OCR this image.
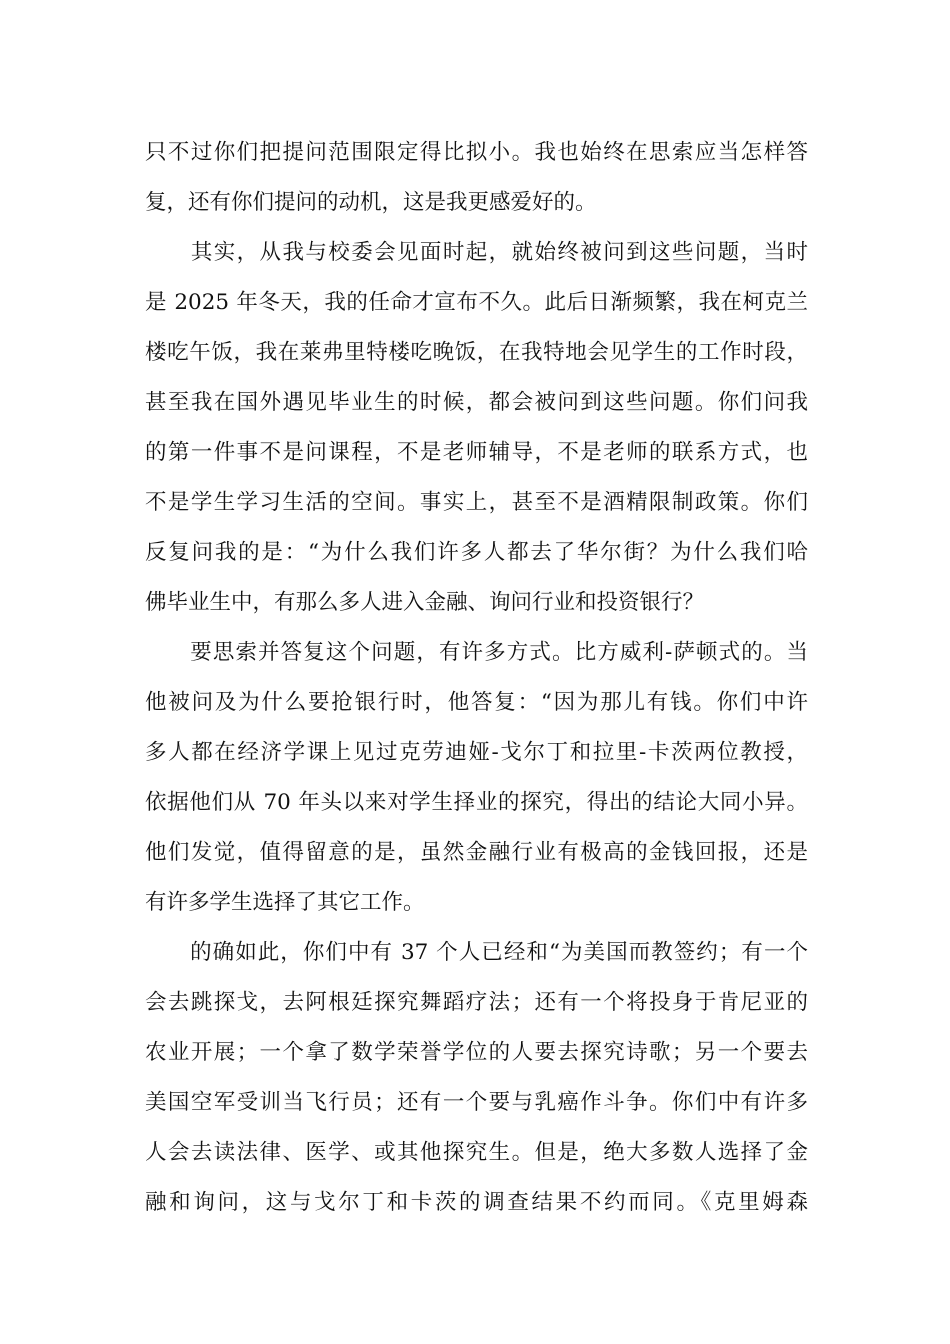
只不过你们把提问范围限定得比拟小。我也始终在思索应当怎样答
复，还有你们提问的动机，这是我更感爱好的。
　　其实，从我与校委会见面时起，就始终被问到这些问题，当时
是 2025 年冬天，我的任命才宣布不久。此后日渐频繁，我在柯克兰
楼吃午饭，我在莱弗里特楼吃晚饭，在我特地会见学生的工作时段，
甚至我在国外遇见毕业生的时候，都会被问到这些问题。你们问我
的第一件事不是问课程，不是老师辅导，不是老师的联系方式，也
不是学生学习生活的空间。事实上，甚至不是酒精限制政策。你们
反复问我的是：“为什么我们许多人都去了华尔街？为什么我们哈
佛毕业生中，有那么多人进入金融、询问行业和投资银行？
　　要思索并答复这个问题，有许多方式。比方威利-萨顿式的。当
他被问及为什么要抢银行时，他答复：“因为那儿有钱。你们中许
多人都在经济学课上见过克劳迪娅-戈尔丁和拉里-卡茨两位教授，
依据他们从 70 年头以来对学生择业的探究，得出的结论大同小异。
他们发觉，值得留意的是，虽然金融行业有极高的金钱回报，还是
有许多学生选择了其它工作。
　　的确如此，你们中有 37 个人已经和“为美国而教签约；有一个
会去跳探戈，去阿根廷探究舞蹈疗法；还有一个将投身于肯尼亚的
农业开展；一个拿了数学荣誉学位的人要去探究诗歌；另一个要去
美国空军受训当飞行员；还有一个要与乳癌作斗争。你们中有许多
人会去读法律、医学、或其他探究生。但是，绝大多数人选择了金
融和询问，这与戈尔丁和卡茨的调查结果不约而同。《克里姆森
